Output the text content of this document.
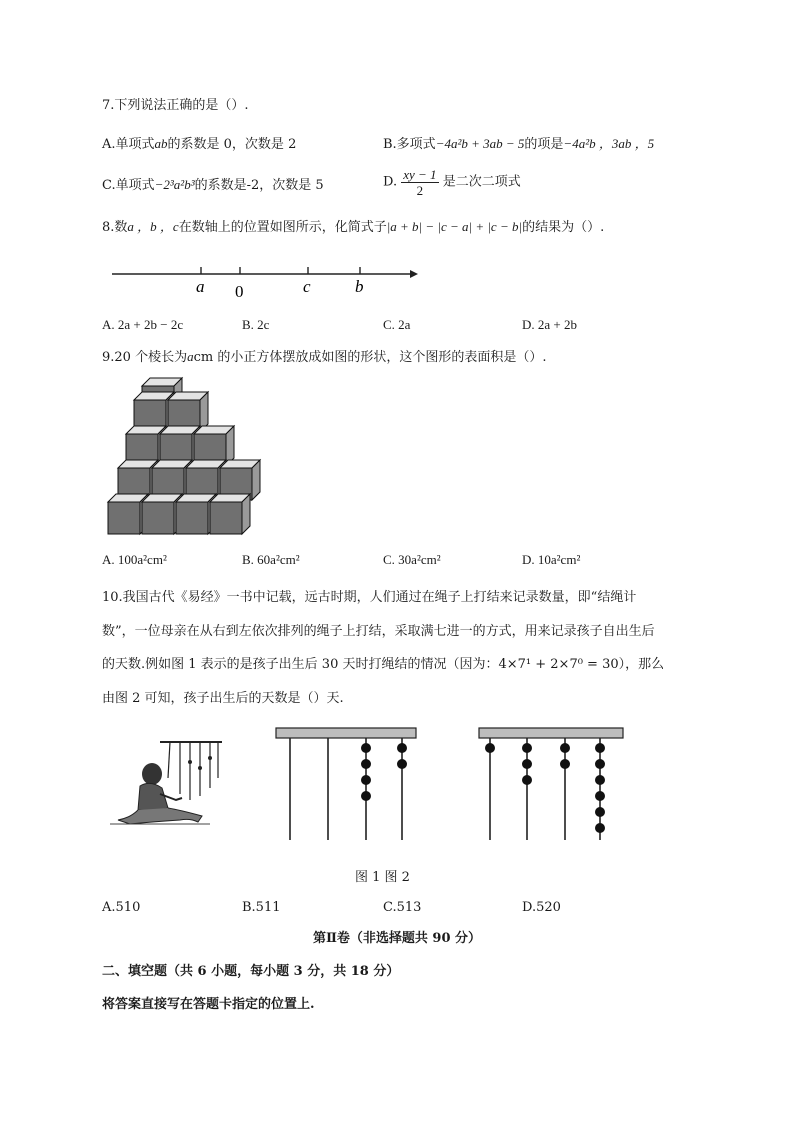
7.下列说法正确的是（）.
A.单项式ab的系数是 0，次数是 2	B.多项式−4a²b + 3ab − 5的项是−4a²b ，3ab ，5
C.单项式−2³a²b³的系数是-2，次数是 5	D. $\frac{xy - 1}{2}$ 是二次二项式
8.数a ，b ，c在数轴上的位置如图所示，化简式子|a + b| − |c − a| + |c − b|的结果为（）.
a 0	c	b
A. 2a + 2b − 2c	B. 2c	C. 2a	D. 2a + 2b
9.20 个棱长为acm 的小正方体摆放成如图的形状，这个图形的表面积是（）.
A. 100a²cm²	B. 60a²cm²	C. 30a²cm²	D. 10a²cm²
10.我国古代《易经》一书中记载，远古时期，人们通过在绳子上打结来记录数量，即“结绳计
数”，一位母亲在从右到左依次排列的绳子上打结，采取满七进一的方式，用来记录孩子自出生后
的天数.例如图 1 表示的是孩子出生后 30 天时打绳结的情况（因为：4×7¹ + 2×7⁰ = 30），那么
由图 2 可知，孩子出生后的天数是（）天.
图 1 图 2
A.510	B.511	C.513	D.520
第Ⅱ卷（非选择题共 90 分）
二、填空题（共 6 小题，每小题 3 分，共 18 分）
将答案直接写在答题卡指定的位置上.
